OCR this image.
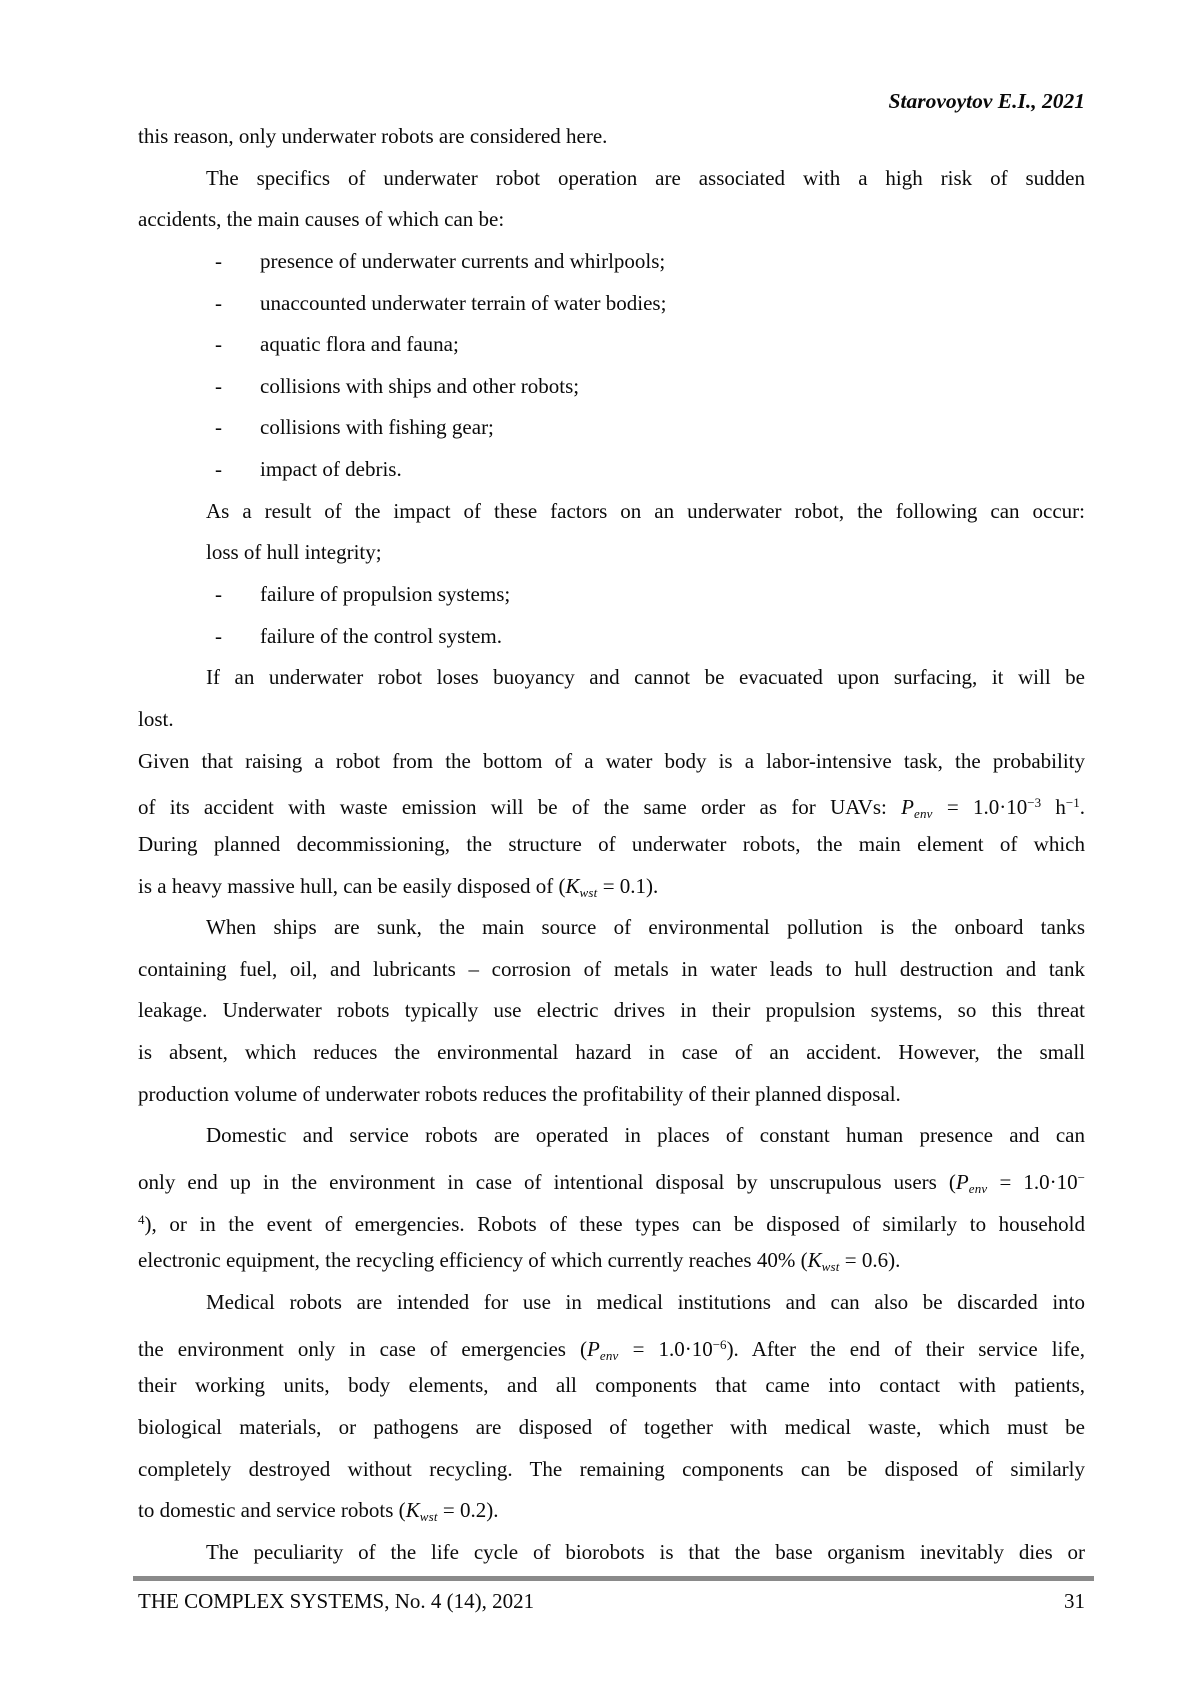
Starovoytov E.I., 2021
this reason, only underwater robots are considered here.
The specifics of underwater robot operation are associated with a high risk of sudden
accidents, the main causes of which can be:
- presence of underwater currents and whirlpools;
- unaccounted underwater terrain of water bodies;
- aquatic flora and fauna;
- collisions with ships and other robots;
- collisions with fishing gear;
- impact of debris.
As a result of the impact of these factors on an underwater robot, the following can occur:
loss of hull integrity;
- failure of propulsion systems;
- failure of the control system.
If an underwater robot loses buoyancy and cannot be evacuated upon surfacing, it will be
lost.
Given that raising a robot from the bottom of a water body is a labor-intensive task, the probability
of its accident with waste emission will be of the same order as for UAVs: Penv = $1.0\cdot 10^{-3}$ $h^{-1}$.
During planned decommissioning, the structure of underwater robots, the main element of which
is a heavy massive hull, can be easily disposed of (Kwst = 0.1).
When ships are sunk, the main source of environmental pollution is the onboard tanks
containing fuel, oil, and lubricants – corrosion of metals in water leads to hull destruction and tank
leakage. Underwater robots typically use electric drives in their propulsion systems, so this threat
is absent, which reduces the environmental hazard in case of an accident. However, the small
production volume of underwater robots reduces the profitability of their planned disposal.
Domestic and service robots are operated in places of constant human presence and can
only end up in the environment in case of intentional disposal by unscrupulous users (Penv = 1.0·10−
$^4$), or in the event of emergencies. Robots of these types can be disposed of similarly to household
electronic equipment, the recycling efficiency of which currently reaches 40% (Kwst = 0.6).
Medical robots are intended for use in medical institutions and can also be discarded into
the environment only in case of emergencies (Penv = $1.0\cdot 10^{-6}$). After the end of their service life,
their working units, body elements, and all components that came into contact with patients,
biological materials, or pathogens are disposed of together with medical waste, which must be
completely destroyed without recycling. The remaining components can be disposed of similarly
to domestic and service robots (Kwst = 0.2).
The peculiarity of the life cycle of biorobots is that the base organism inevitably dies or
THE COMPLEX SYSTEMS, No. 4 (14), 2021	31
